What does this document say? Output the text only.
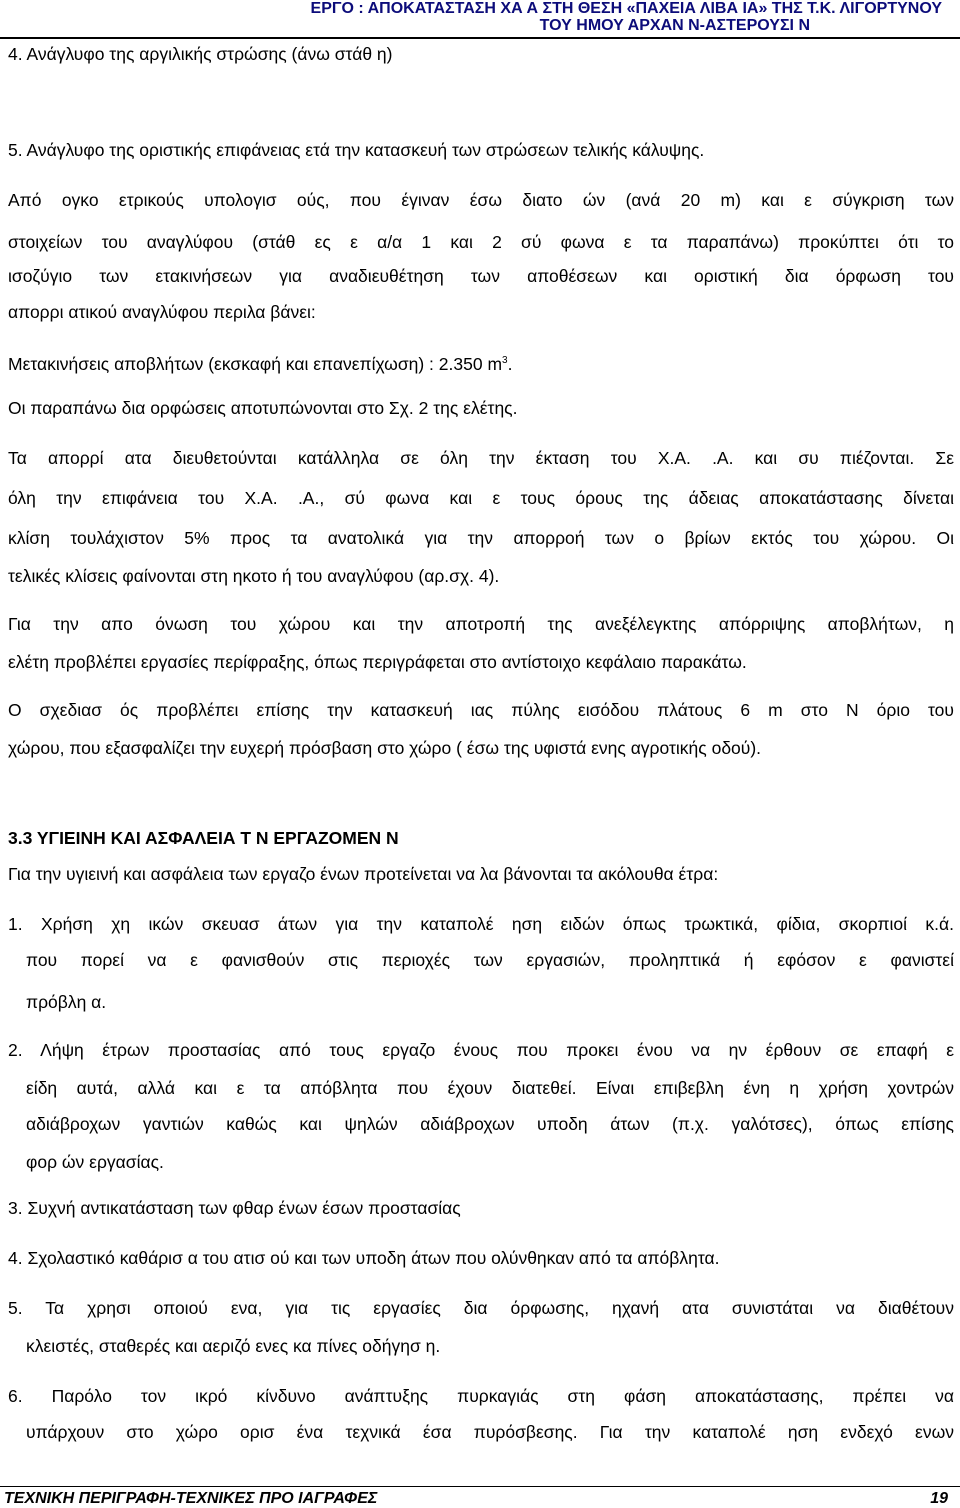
ΕΡΓΟ : ΑΠΟΚΑΤΑΣΤΑΣΗ ΧΑ Α ΣΤΗ ΘΕΣΗ «ΠΑΧΕΙΑ ΛΙΒΑ ΙΑ» ΤΗΣ Τ.Κ. ΛΙΓΟΡΤΥΝΟΥ
ΤΟΥ ΗΜΟΥ ΑΡΧΑΝ Ν-ΑΣΤΕΡΟΥΣΙ Ν
4. Ανάγλυφο της αργιλικής στρώσης (άνω στάθ η)
5. Ανάγλυφο της οριστικής επιφάνειας ετά την κατασκευή των στρώσεων τελικής κάλυψης.
Από ογκο ετρικούς υπολογισ ούς, που έγιναν έσω διατο ών (ανά 20 m) και ε σύγκριση των
στοιχείων του αναγλύφου (στάθ ες ε α/α 1 και 2 σύ φωνα ε τα παραπάνω) προκύπτει ότι το
ισοζύγιο των ετακινήσεων για αναδιευθέτηση των αποθέσεων και οριστική δια όρφωση του
απορρι ατικού αναγλύφου περιλα βάνει:
Μετακινήσεις αποβλήτων (εκσκαφή και επανεπίχωση) : 2.350 $m^3$.
Οι παραπάνω δια ορφώσεις αποτυπώνονται στο Σχ. 2 της ελέτης.
Τα απορρί ατα διευθετούνται κατάλληλα σε όλη την έκταση του Χ.Α. .Α. και συ πιέζονται. Σε
όλη την επιφάνεια του Χ.Α. .Α., σύ φωνα και ε τους όρους της άδειας αποκατάστασης δίνεται
κλίση τουλάχιστον 5% προς τα ανατολικά για την απορροή των ο βρίων εκτός του χώρου. Οι
τελικές κλίσεις φαίνονται στη ηκοτο ή του αναγλύφου (αρ.σχ. 4).
Για την απο όνωση του χώρου και την αποτροπή της ανεξέλεγκτης απόρριψης αποβλήτων, η
ελέτη προβλέπει εργασίες περίφραξης, όπως περιγράφεται στο αντίστοιχο κεφάλαιο παρακάτω.
Ο σχεδιασ ός προβλέπει επίσης την κατασκευή ιας πύλης εισόδου πλάτους 6 m στο Ν όριο του
χώρου, που εξασφαλίζει την ευχερή πρόσβαση στο χώρο ( έσω της υφιστά ενης αγροτικής οδού).
3.3 ΥΓΙΕΙΝΗ ΚΑΙ ΑΣΦΑΛΕΙΑ Τ Ν ΕΡΓΑΖΟΜΕΝ Ν
Για την υγιεινή και ασφάλεια των εργαζο ένων προτείνεται να λα βάνονται τα ακόλουθα έτρα:
1. Χρήση χη ικών σκευασ άτων για την καταπολέ ηση ειδών όπως τρωκτικά, φίδια, σκορπιοί κ.ά.
που πορεί να ε φανισθούν στις περιοχές των εργασιών, προληπτικά ή εφόσον ε φανιστεί
πρόβλη α.
2. Λήψη έτρων προστασίας από τους εργαζο ένους που προκει ένου να ην έρθουν σε επαφή ε
είδη αυτά, αλλά και ε τα απόβλητα που έχουν διατεθεί. Είναι επιβεβλη ένη η χρήση χοντρών
αδιάβροχων γαντιών καθώς και ψηλών αδιάβροχων υποδη άτων (π.χ. γαλότσες), όπως επίσης
φορ ών εργασίας.
3. Συχνή αντικατάσταση των φθαρ ένων έσων προστασίας
4. Σχολαστικό καθάρισ α του ατισ ού και των υποδη άτων που ολύνθηκαν από τα απόβλητα.
5. Τα χρησι οποιού ενα, για τις εργασίες δια όρφωσης, ηχανή ατα συνιστάται να διαθέτουν
κλειστές, σταθερές και αεριζό ενες κα πίνες οδήγησ η.
6. Παρόλο τον ικρό κίνδυνο ανάπτυξης πυρκαγιάς στη φάση αποκατάστασης, πρέπει να
υπάρχουν στο χώρο ορισ ένα τεχνικά έσα πυρόσβεσης. Για την καταπολέ ηση ενδεχό ενων
ΤΕΧΝΙΚΗ ΠΕΡΙΓΡΑΦΗ-ΤΕΧΝΙΚΕΣ ΠΡΟ ΙΑΓΡΑΦΕΣ	19
